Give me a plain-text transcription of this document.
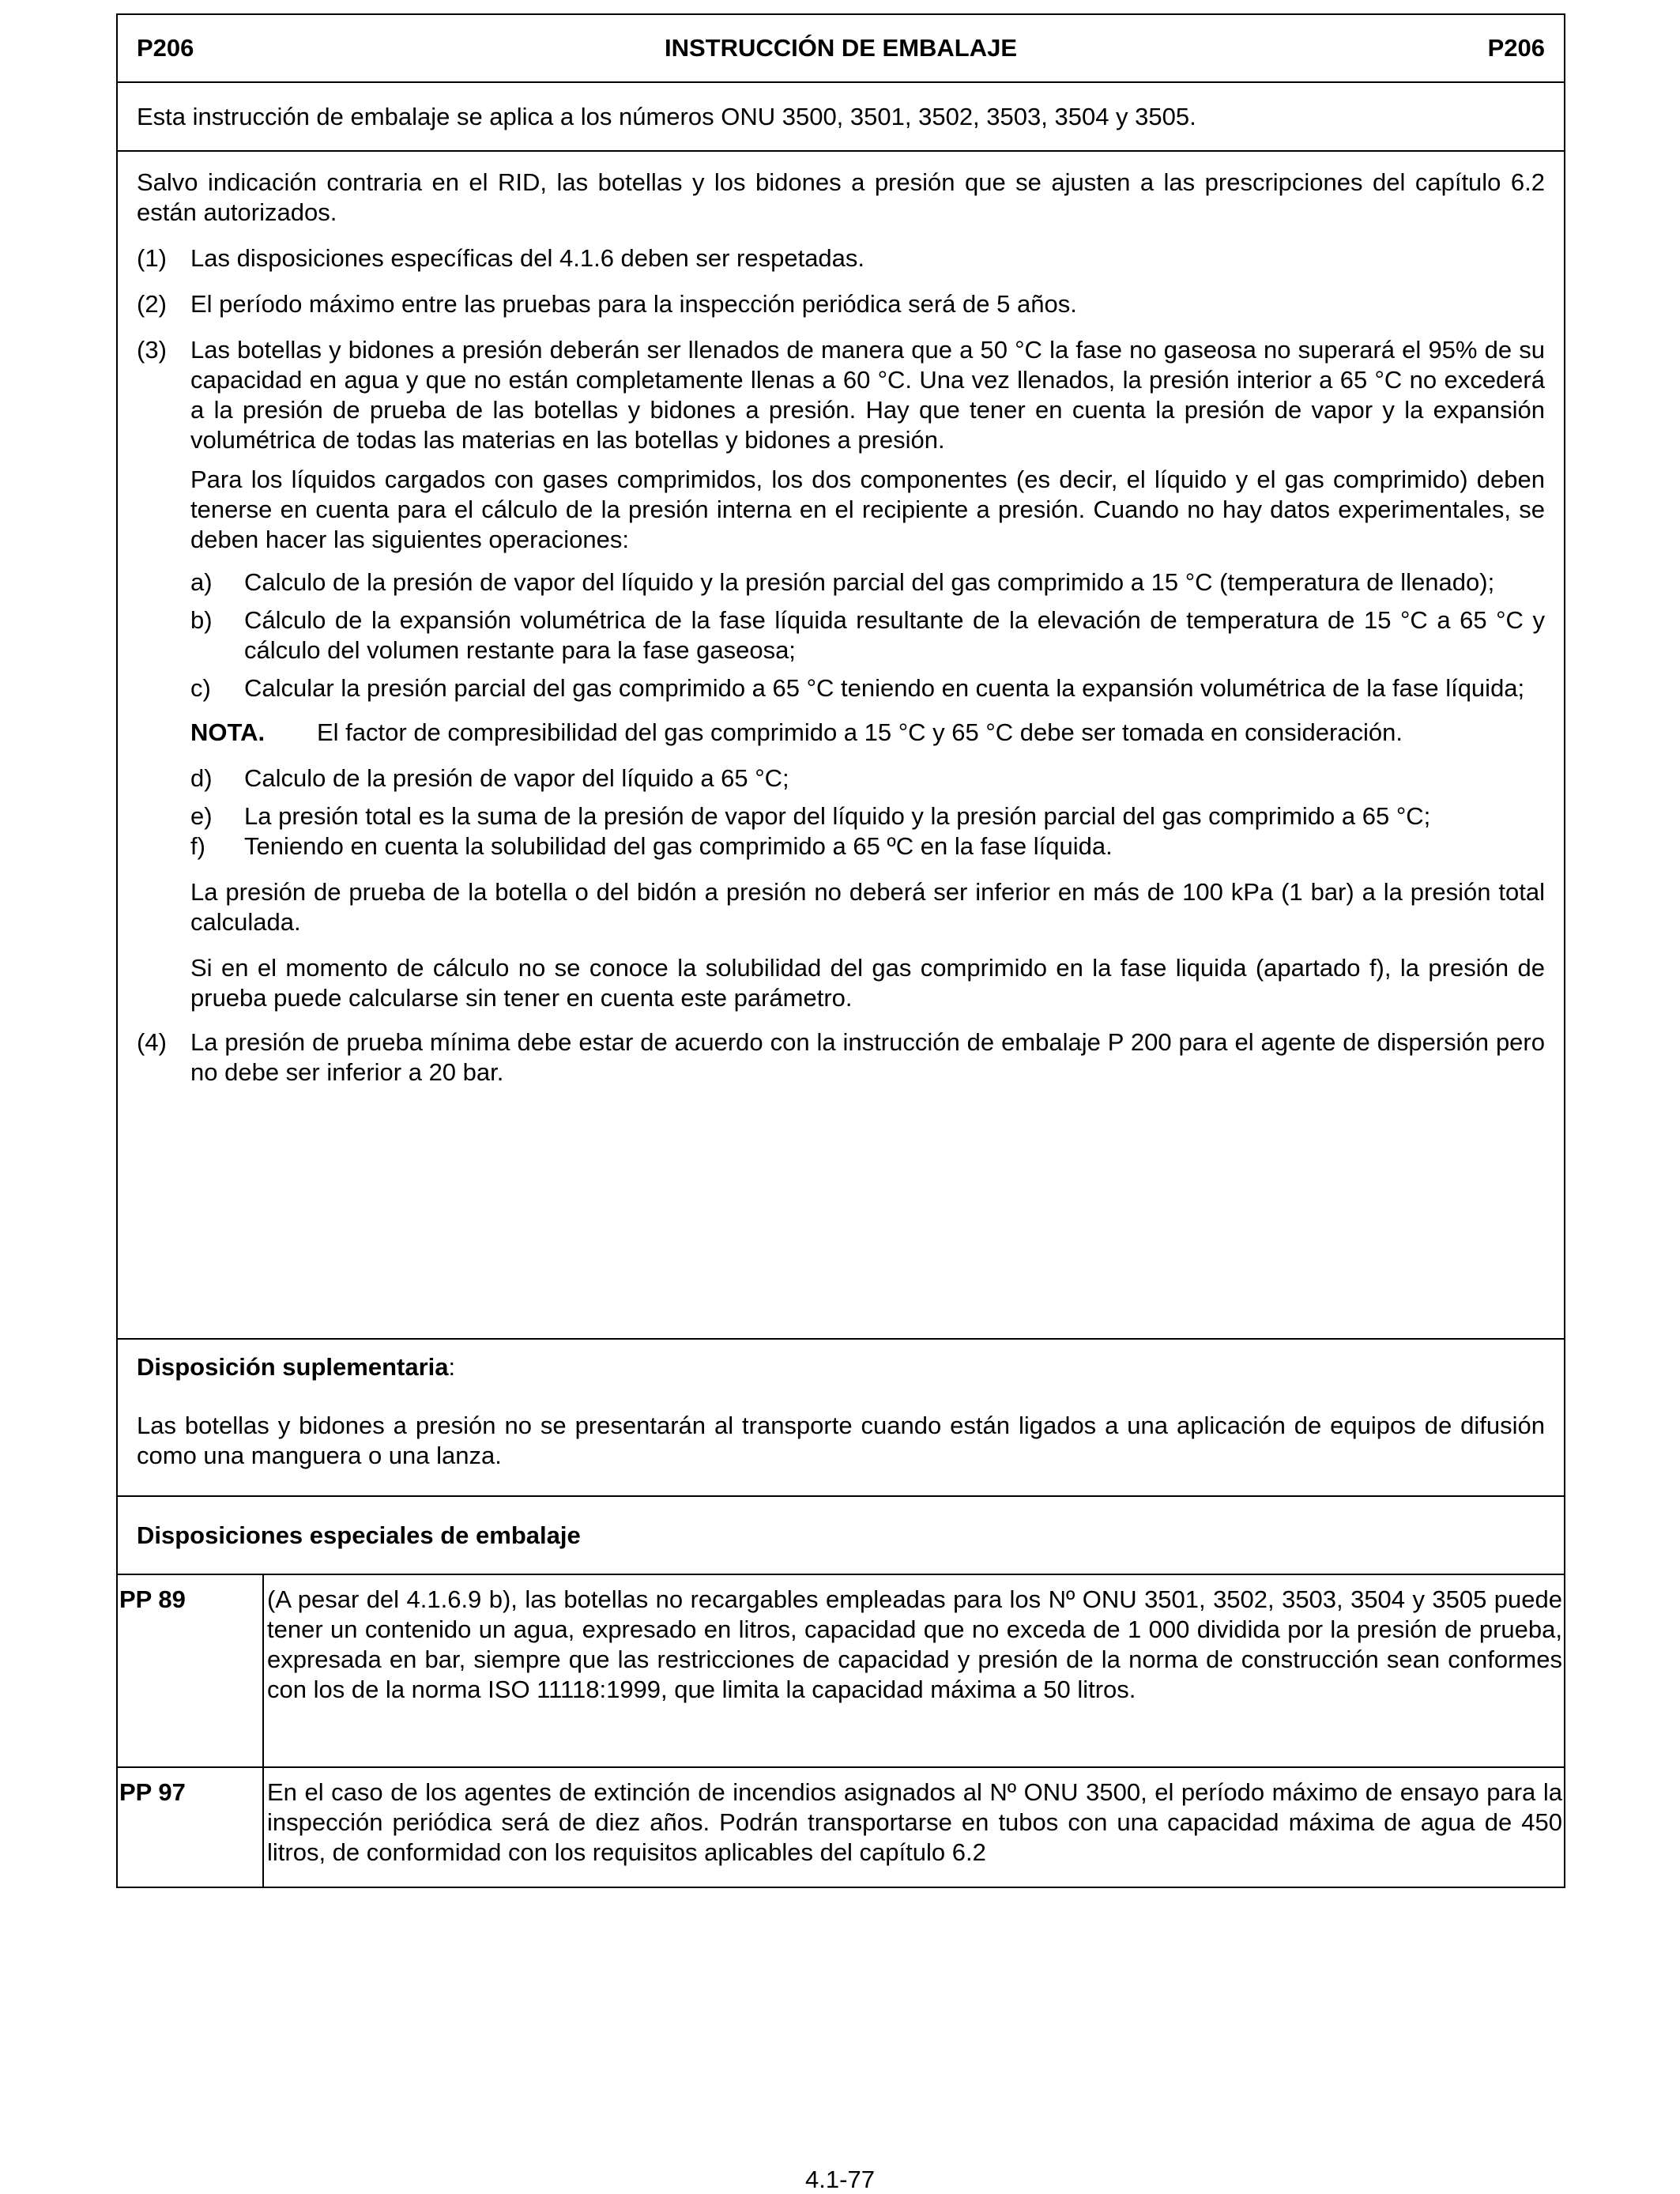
P206	INSTRUCCIÓN DE EMBALAJE	P206
Esta instrucción de embalaje se aplica a los números ONU 3500, 3501, 3502, 3503, 3504 y 3505.

Salvo indicación contraria en el RID, las botellas y los bidones a presión que se ajusten a las prescripciones del capítulo 6.2 están autorizados.

(1) Las disposiciones específicas del 4.1.6 deben ser respetadas.
(2) El período máximo entre las pruebas para la inspección periódica será de 5 años.
(3) Las botellas y bidones a presión deberán ser llenados de manera que a 50 °C la fase no gaseosa no superará el 95% de su capacidad en agua y que no están completamente llenas a 60 °C. Una vez llenados, la presión interior a 65 °C no excederá a la presión de prueba de las botellas y bidones a presión. Hay que tener en cuenta la presión de vapor y la expansión volumétrica de todas las materias en las botellas y bidones a presión.

Para los líquidos cargados con gases comprimidos, los dos componentes (es decir, el líquido y el gas comprimido) deben tenerse en cuenta para el cálculo de la presión interna en el recipiente a presión. Cuando no hay datos experimentales, se deben hacer las siguientes operaciones:

a)	Calculo de la presión de vapor del líquido y la presión parcial del gas comprimido a 15 °C (temperatura de llenado);
b)	Cálculo de la expansión volumétrica de la fase líquida resultante de la elevación de temperatura de 15 °C a 65 °C y cálculo del volumen restante para la fase gaseosa;
c)	Calcular la presión parcial del gas comprimido a 65 °C teniendo en cuenta la expansión volumétrica de la fase líquida;
NOTA.	El factor de compresibilidad del gas comprimido a 15 °C y 65 °C debe ser tomada en consideración.
d)	Calculo de la presión de vapor del líquido a 65 °C;
e)	La presión total es la suma de la presión de vapor del líquido y la presión parcial del gas comprimido a 65 °C;
f)	Teniendo en cuenta la solubilidad del gas comprimido a 65 ºC en la fase líquida.

La presión de prueba de la botella o del bidón a presión no deberá ser inferior en más de 100 kPa (1 bar) a la presión total calculada.

Si en el momento de cálculo no se conoce la solubilidad del gas comprimido en la fase liquida (apartado f), la presión de prueba puede calcularse sin tener en cuenta este parámetro.

(4) La presión de prueba mínima debe estar de acuerdo con la instrucción de embalaje P 200 para el agente de dispersión pero no debe ser inferior a 20 bar.

Disposición suplementaria:

Las botellas y bidones a presión no se presentarán al transporte cuando están ligados a una aplicación de equipos de difusión como una manguera o una lanza.

Disposiciones especiales de embalaje
PP 89	(A pesar del 4.1.6.9 b), las botellas no recargables empleadas para los Nº ONU 3501, 3502, 3503, 3504 y 3505 puede tener un contenido un agua, expresado en litros, capacidad que no exceda de 1 000 dividida por la presión de prueba, expresada en bar, siempre que las restricciones de capacidad y presión de la norma de construcción sean conformes con los de la norma ISO 11118:1999, que limita la capacidad máxima a 50 litros.
PP 97	En el caso de los agentes de extinción de incendios asignados al Nº ONU 3500, el período máximo de ensayo para la inspección periódica será de diez años. Podrán transportarse en tubos con una capacidad máxima de agua de 450 litros, de conformidad con los requisitos aplicables del capítulo 6.2
4.1-77
